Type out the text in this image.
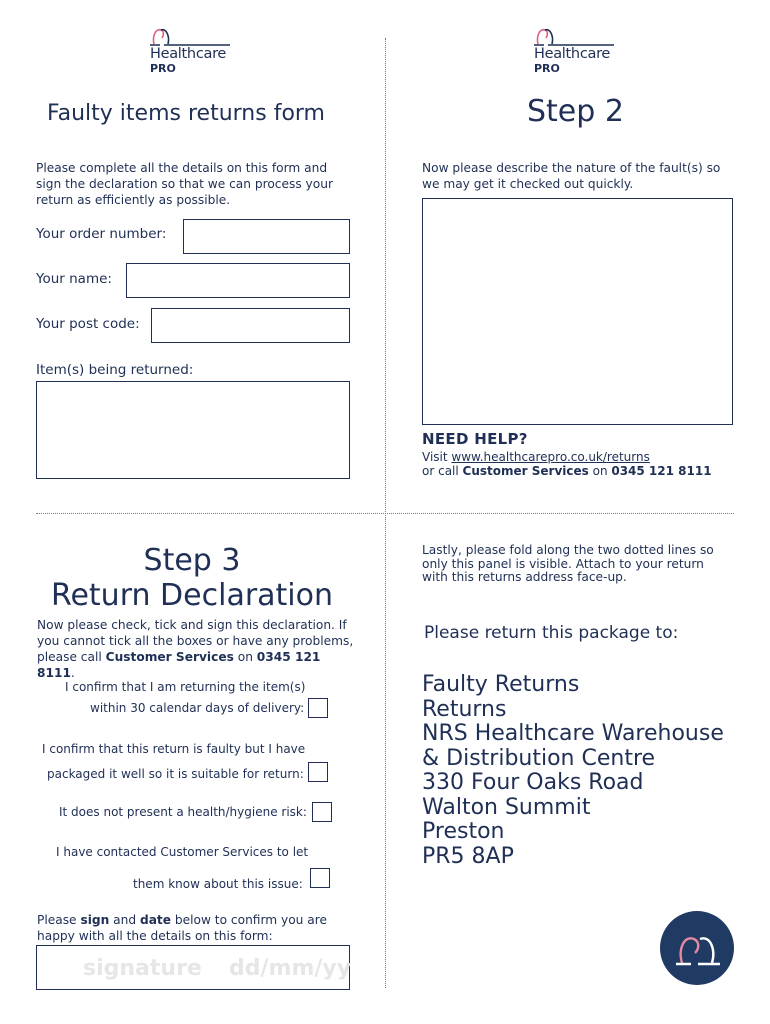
Healthcare
PRO
Faulty items returns form
Please complete all the details on this form and sign the declaration so that we can process your return as efficiently as possible.
Your order number:
Your name:
Your post code:
Item(s) being returned:
Healthcare
PRO
Step 2
Now please describe the nature of the fault(s) so we may get it checked out quickly.
NEED HELP?
Visit www.healthcarepro.co.uk/returns
or call Customer Services on 0345 121 8111
Step 3
Return Declaration
Now please check, tick and sign this declaration. If you cannot tick all the boxes or have any problems, please call Customer Services on 0345 121 8111.
I confirm that I am returning the item(s)
within 30 calendar days of delivery:
I confirm that this return is faulty but I have
packaged it well so it is suitable for return:
It does not present a health/hygiene risk:
I have contacted Customer Services to let
them know about this issue:
Please sign and date below to confirm you are happy with all the details on this form:
signature dd/mm/yy
Lastly, please fold along the two dotted lines so only this panel is visible. Attach to your return with this returns address face-up.
Please return this package to:
Faulty Returns
Returns
NRS Healthcare Warehouse
& Distribution Centre
330 Four Oaks Road
Walton Summit
Preston
PR5 8AP
